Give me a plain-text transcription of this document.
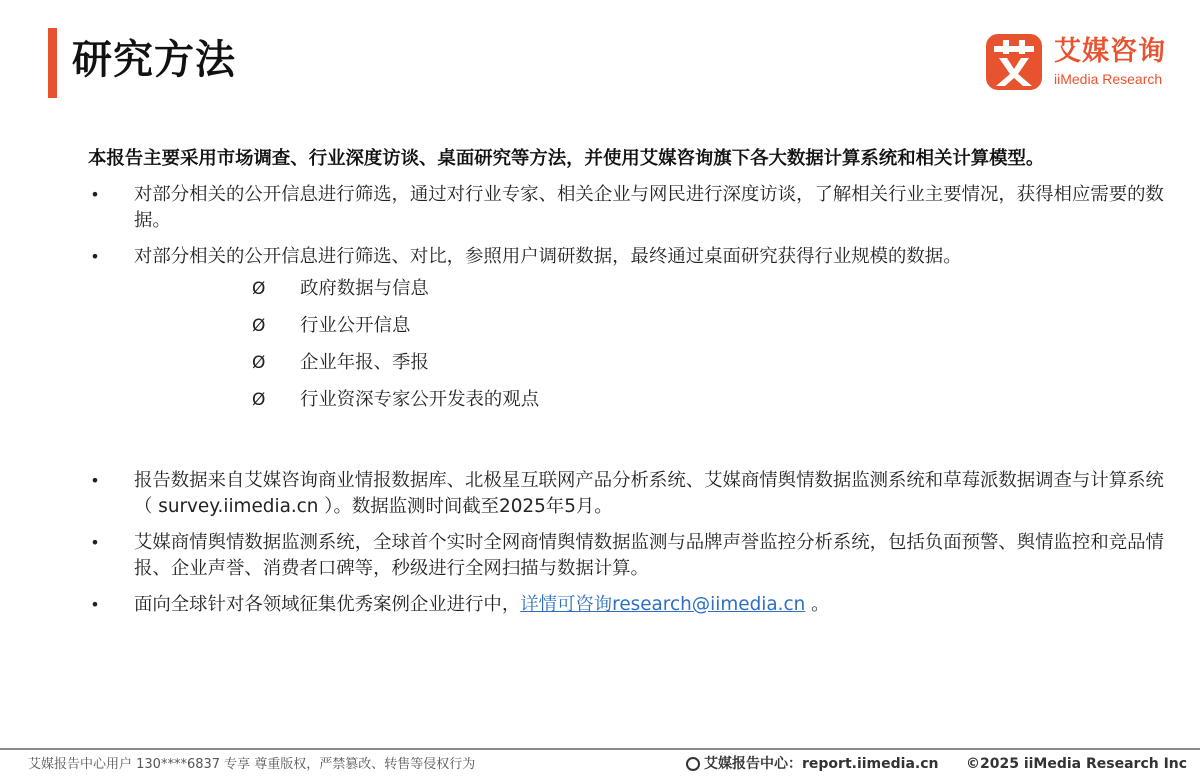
研究方法	艾媒咨询
iiMedia Research

本报告主要采用市场调查、行业深度访谈、桌面研究等方法，并使用艾媒咨询旗下各大数据计算系统和相关计算模型。

• 对部分相关的公开信息进行筛选，通过对行业专家、相关企业与网民进行深度访谈，了解相关行业主要情况，获得相应需要的数据。
• 对部分相关的公开信息进行筛选、对比，参照用户调研数据，最终通过桌面研究获得行业规模的数据。
Ø 政府数据与信息
Ø 行业公开信息
Ø 企业年报、季报
Ø 行业资深专家公开发表的观点
• 报告数据来自艾媒咨询商业情报数据库、北极星互联网产品分析系统、艾媒商情舆情数据监测系统和草莓派数据调查与计算系统（ survey.iimedia.cn ）。数据监测时间截至2025年5月。
• 艾媒商情舆情数据监测系统，全球首个实时全网商情舆情数据监测与品牌声誉监控分析系统，包括负面预警、舆情监控和竞品情报、企业声誉、消费者口碑等，秒级进行全网扫描与数据计算。
• 面向全球针对各领域征集优秀案例企业进行中，详情可咨询research@iimedia.cn 。
艾媒报告中心用户 130****6837 专享 尊重版权，严禁篡改、转售等侵权行为	艾媒报告中心：report.iimedia.cn ©2025 iiMedia Research Inc
